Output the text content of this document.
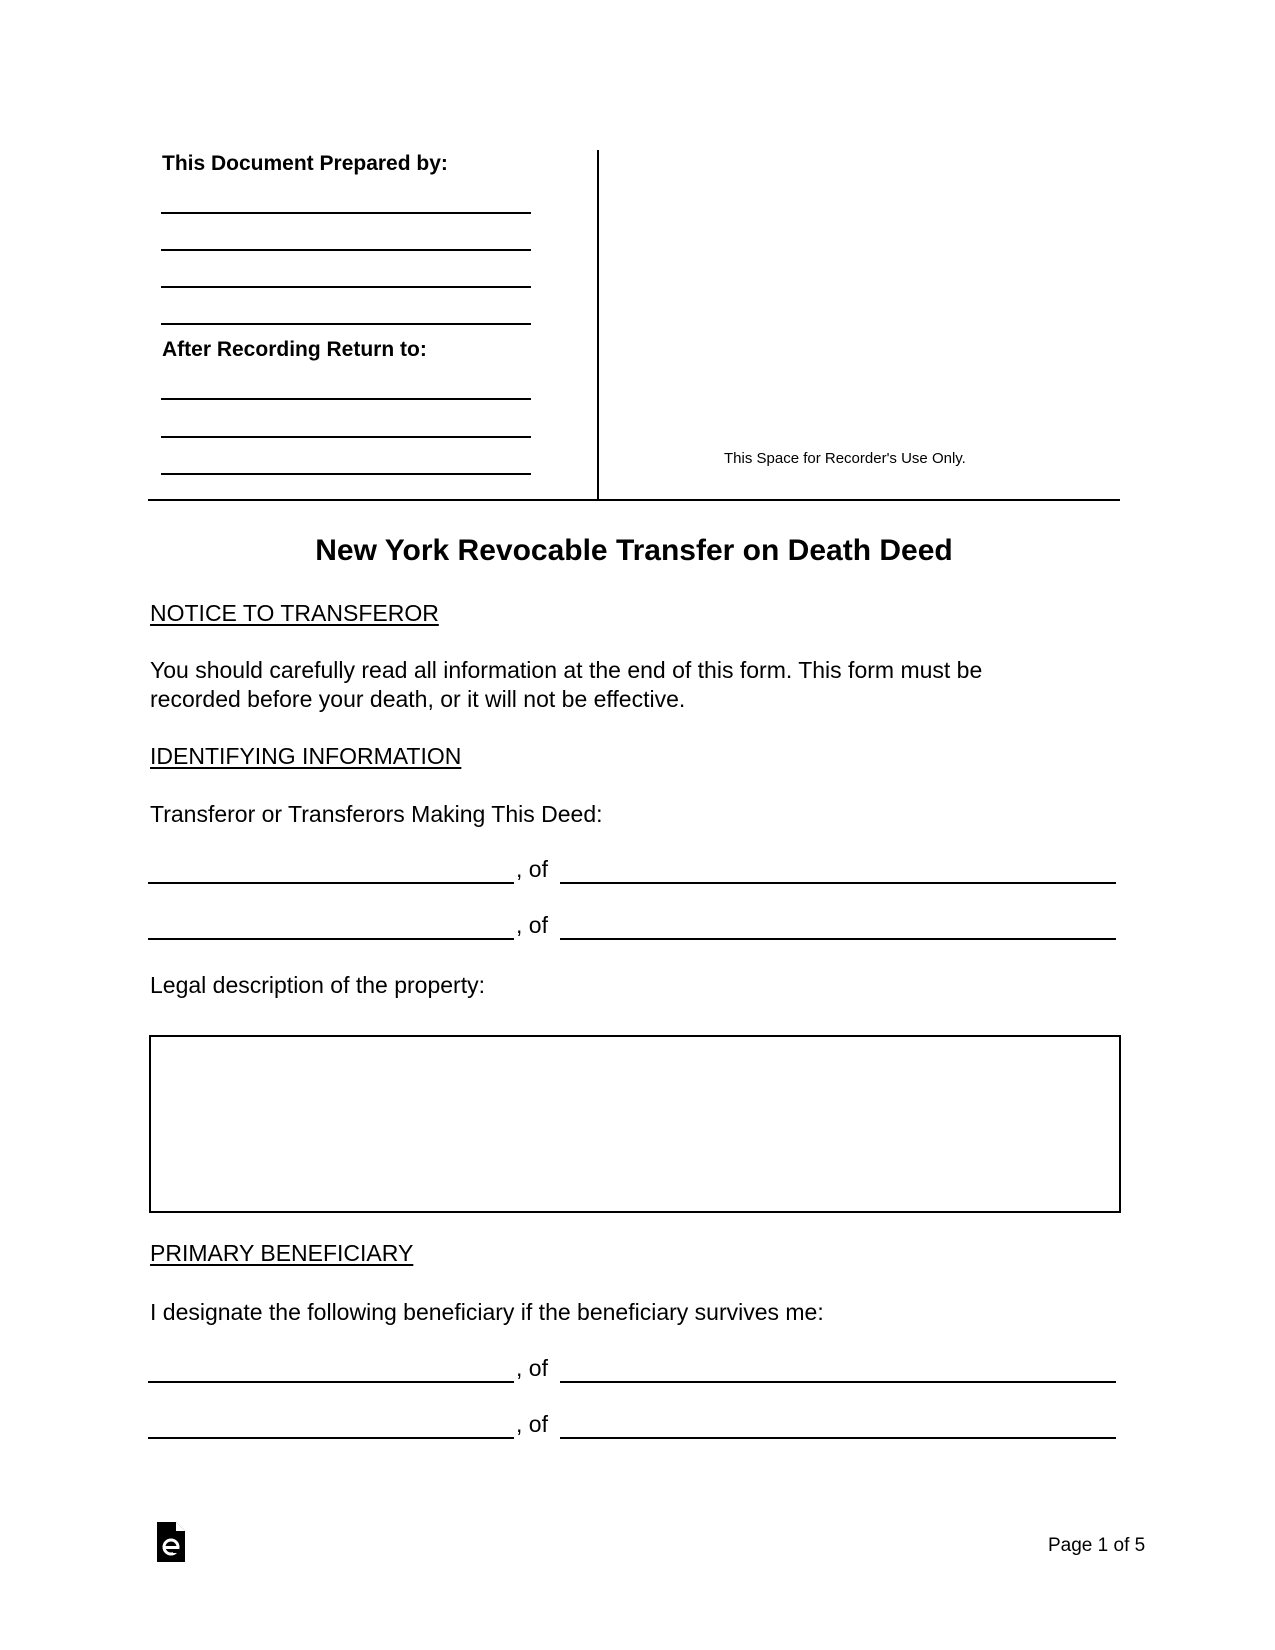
This Document Prepared by:
After Recording Return to:
This Space for Recorder's Use Only.
New York Revocable Transfer on Death Deed
NOTICE TO TRANSFEROR
You should carefully read all information at the end of this form. This form must be
recorded before your death, or it will not be effective.
IDENTIFYING INFORMATION
Transferor or Transferors Making This Deed:
, of
, of
Legal description of the property:
PRIMARY BENEFICIARY
I designate the following beneficiary if the beneficiary survives me:
, of
, of
Page 1 of 5
